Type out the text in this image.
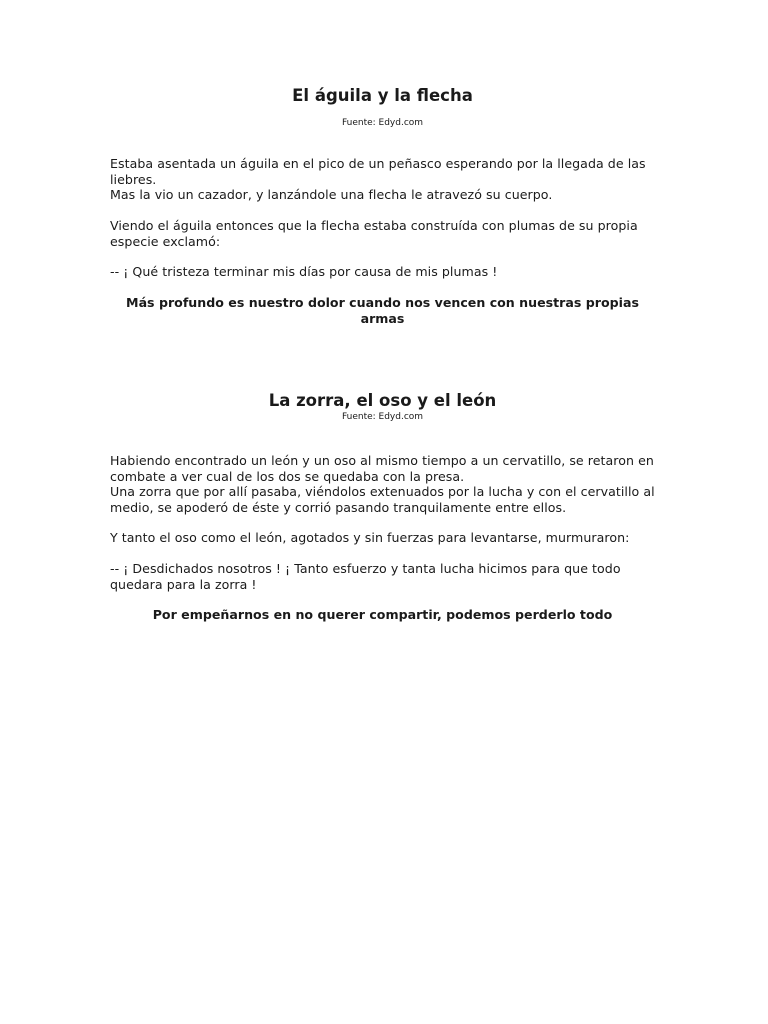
El águila y la flecha

Fuente: Edyd.com

Estaba asentada un águila en el pico de un peñasco esperando por la llegada de las liebres.

Mas la vio un cazador, y lanzándole una flecha le atravezó su cuerpo.

Viendo el águila entonces que la flecha estaba construída con plumas de su propia especie exclamó:

-- ¡ Qué tristeza terminar mis días por causa de mis plumas !

Más profundo es nuestro dolor cuando nos vencen con nuestras propias armas

La zorra, el oso y el león

Fuente: Edyd.com

Habiendo encontrado un león y un oso al mismo tiempo a un cervatillo, se retaron en combate a ver cual de los dos se quedaba con la presa.

Una zorra que por allí pasaba, viéndolos extenuados por la lucha y con el cervatillo al medio, se apoderó de éste y corrió pasando tranquilamente entre ellos.

Y tanto el oso como el león, agotados y sin fuerzas para levantarse, murmuraron:

-- ¡ Desdichados nosotros ! ¡ Tanto esfuerzo y tanta lucha hicimos para que todo quedara para la zorra !

Por empeñarnos en no querer compartir, podemos perderlo todo
